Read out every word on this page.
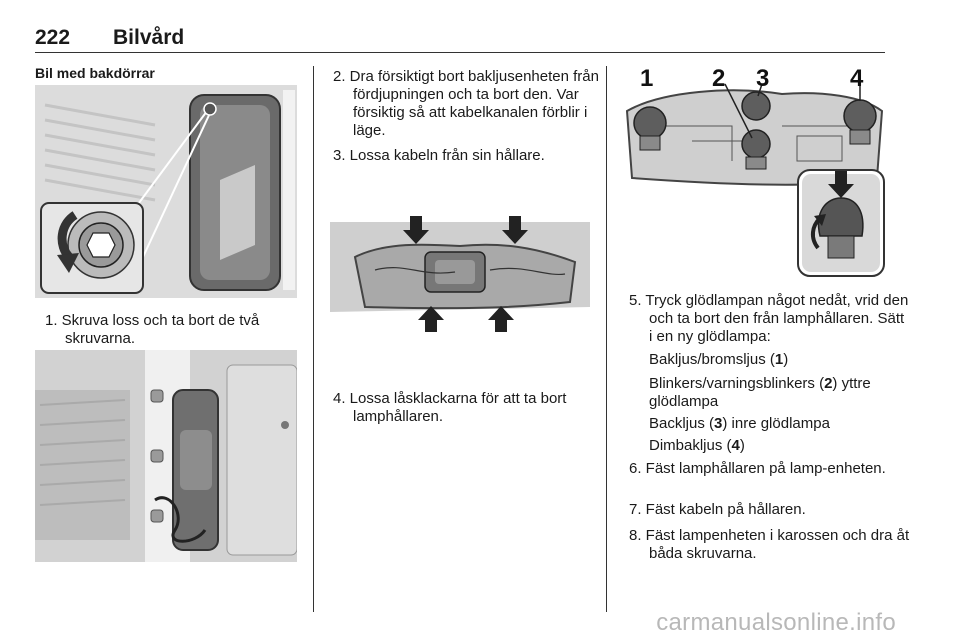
222 Bilvård
Bil med bakdörrar
1. Skruva loss och ta bort de två skruvarna.
2. Dra försiktigt bort bakljusenheten från fördjupningen och ta bort den. Var försiktig så att kabelkanalen förblir i läge.
3. Lossa kabeln från sin hållare.
4. Lossa låsklackarna för att ta bort lamphållaren.
1 2 3	4
5. Tryck glödlampan något nedåt, vrid den och ta bort den från lamphållaren. Sätt i en ny glödlampa:
Bakljus/bromsljus (1)
Blinkers/varningsblinkers (2) yttre glödlampa
Backljus (3) inre glödlampa
Dimbakljus (4)
6. Fäst lamphållaren på lamp-enheten.
7. Fäst kabeln på hållaren.
8. Fäst lampenheten i karossen och dra åt båda skruvarna.
carmanualsonline.info
